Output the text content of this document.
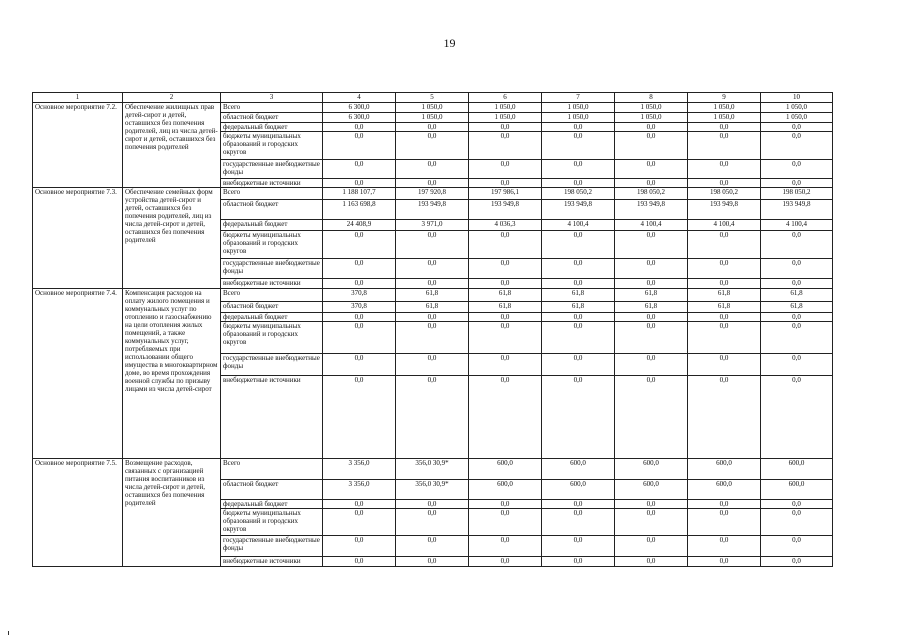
19
1	2	3	4	5	6	7	8	9	10
Основное мероприятие 7.2.	Обеспечение жилищных прав детей-сирот и детей, оставшихся без попечения родителей, лиц из числа детей-сирот и детей, оставшихся без попечения родителей	Всего	6 300,0	1 050,0	1 050,0	1 050,0	1 050,0	1 050,0	1 050,0
		областной бюджет	6 300,0	1 050,0	1 050,0	1 050,0	1 050,0	1 050,0	1 050,0
		федеральный бюджет	0,0	0,0	0,0	0,0	0,0	0,0	0,0
		бюджеты муниципальных образований и городских округов	0,0	0,0	0,0	0,0	0,0	0,0	0,0
		государственные внебюджетные фонды	0,0	0,0	0,0	0,0	0,0	0,0	0,0
		внебюджетные источники	0,0	0,0	0,0	0,0	0,0	0,0	0,0
Основное мероприятие 7.3.	Обеспечение семейных форм устройства детей-сирот и детей, оставшихся без попечения родителей, лиц из числа детей-сирот и детей, оставшихся без попечения родителей	Всего	1 188 107,7	197 920,8	197 986,1	198 050,2	198 050,2	198 050,2	198 050,2
		областной бюджет	1 163 698,8	193 949,8	193 949,8	193 949,8	193 949,8	193 949,8	193 949,8
		федеральный бюджет	24 408,9	3 971,0	4 036,3	4 100,4	4 100,4	4 100,4	4 100,4
		бюджеты муниципальных образований и городских округов	0,0	0,0	0,0	0,0	0,0	0,0	0,0
		государственные внебюджетные фонды	0,0	0,0	0,0	0,0	0,0	0,0	0,0
		внебюджетные источники	0,0	0,0	0,0	0,0	0,0	0,0	0,0
Основное мероприятие 7.4.	Компенсация расходов на оплату жилого помещения и коммунальных услуг по отоплению и газоснабжению на цели отопления жилых помещений, а также коммунальных услуг, потребляемых при использовании общего имущества в многоквартирном доме, во время прохождения военной службы по призыву лицами из числа детей-сирот	Всего	370,8	61,8	61,8	61,8	61,8	61,8	61,8
		областной бюджет	370,8	61,8	61,8	61,8	61,8	61,8	61,8
		федеральный бюджет	0,0	0,0	0,0	0,0	0,0	0,0	0,0
		бюджеты муниципальных образований и городских округов	0,0	0,0	0,0	0,0	0,0	0,0	0,0
		государственные внебюджетные фонды	0,0	0,0	0,0	0,0	0,0	0,0	0,0
		внебюджетные источники	0,0	0,0	0,0	0,0	0,0	0,0	0,0
Основное мероприятие 7.5.	Возмещение расходов, связанных с организацией питания воспитанников из числа детей-сирот и детей, оставшихся без попечения родителей	Всего	3 356,0	356,0 30,9*	600,0	600,0	600,0	600,0	600,0
		областной бюджет	3 356,0	356,0 30,9*	600,0	600,0	600,0	600,0	600,0
		федеральный бюджет	0,0	0,0	0,0	0,0	0,0	0,0	0,0
		бюджеты муниципальных образований и городских округов	0,0	0,0	0,0	0,0	0,0	0,0	0,0
		государственные внебюджетные фонды	0,0	0,0	0,0	0,0	0,0	0,0	0,0
		внебюджетные источники	0,0	0,0	0,0	0,0	0,0	0,0	0,0
